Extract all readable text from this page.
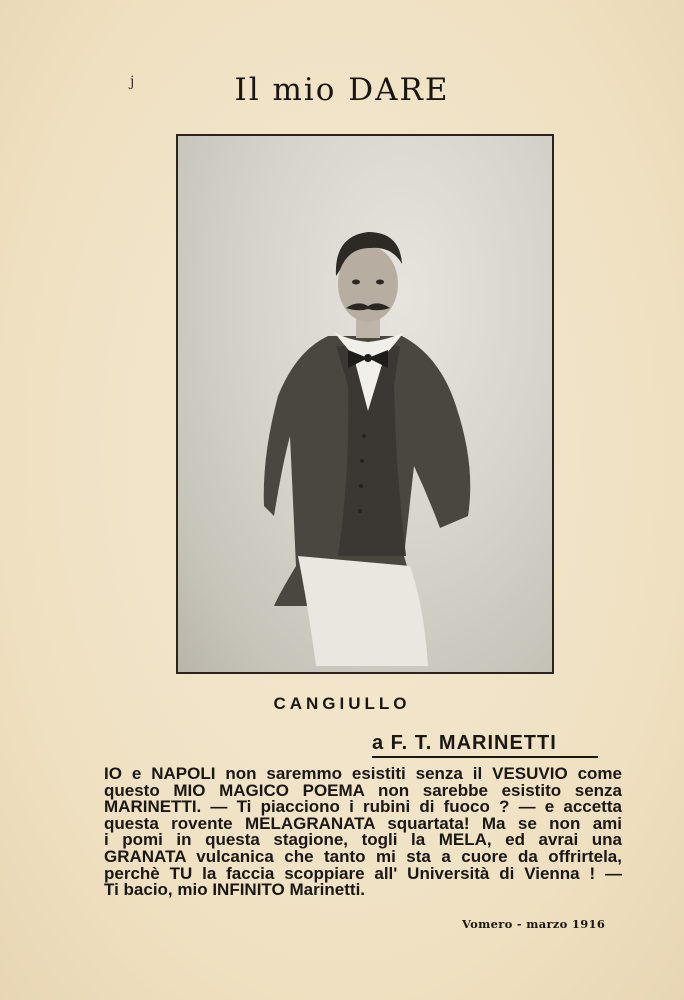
j	Il mio DARE
CANGIULLO
a F. T. MARINETTI
IO e NAPOLI non saremmo esistiti senza il VESUVIO come
questo MIO MAGICO POEMA non sarebbe esistito senza
MARINETTI. — Ti piacciono i rubini di fuoco ? — e accetta
questa rovente MELAGRANATA squartata! Ma se non ami
i pomi in questa stagione, togli la MELA, ed avrai una
GRANATA vulcanica che tanto mi sta a cuore da offrirtela,
perchè TU la faccia scoppiare all' Università di Vienna ! —
Ti bacio, mio INFINITO Marinetti.
Vomero - marzo 1916
